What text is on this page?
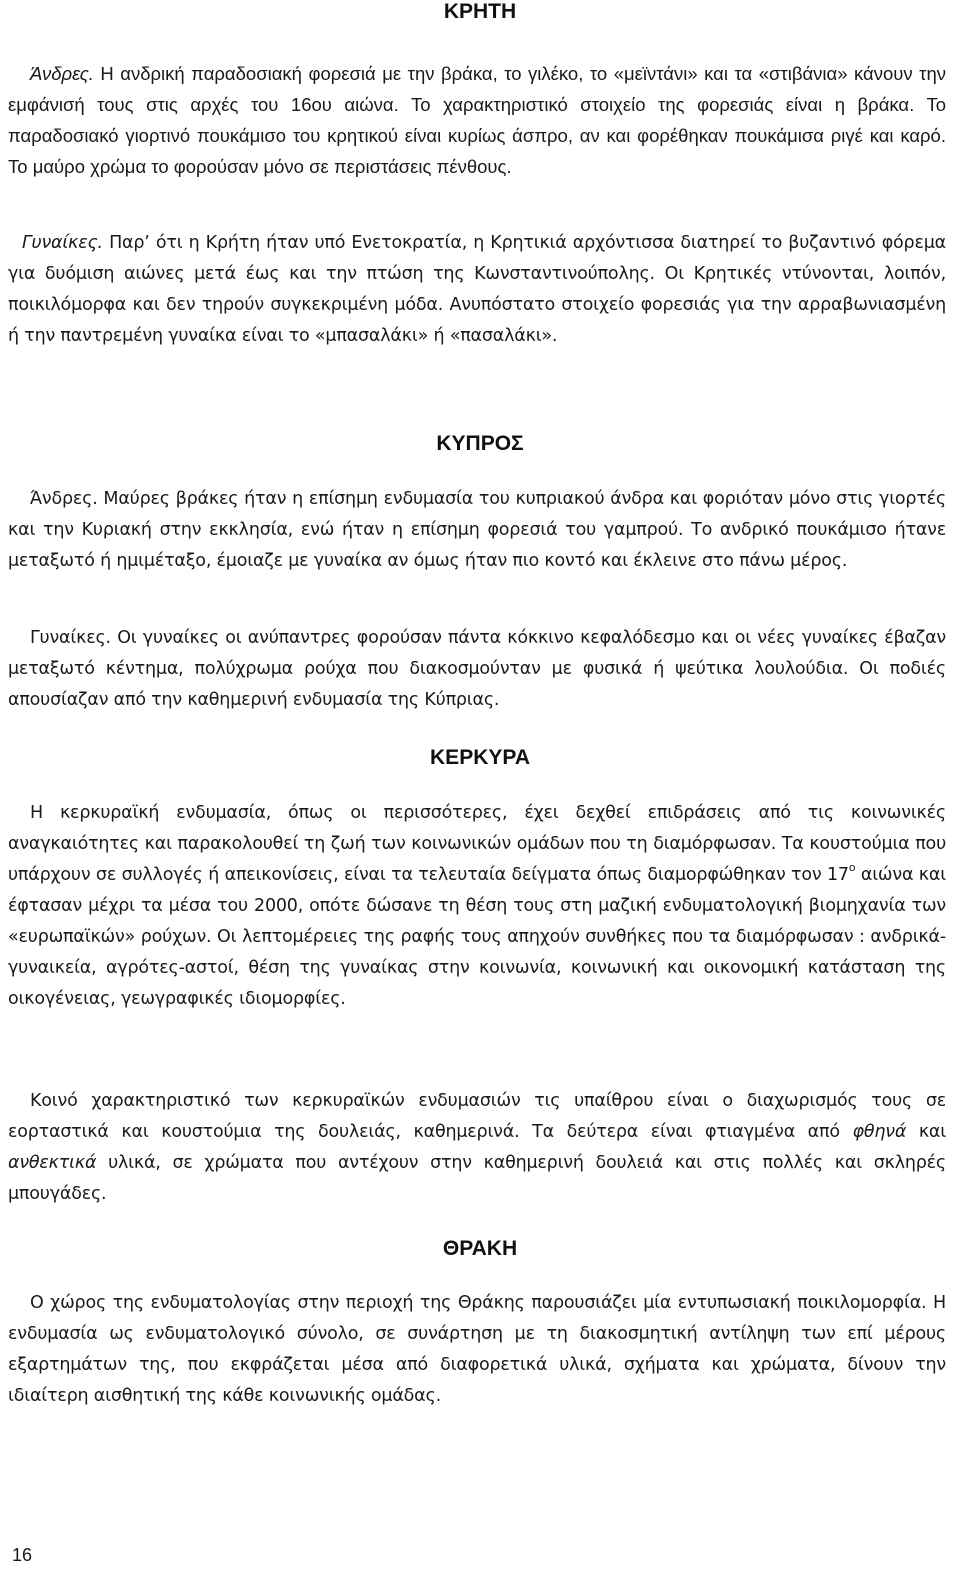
ΚΡΗΤΗ

Άνδρες. Η ανδρική παραδοσιακή φορεσιά με την βράκα, το γιλέκο, το «μεϊντάνι» και τα «στιβάνια» κάνουν την εμφάνισή τους στις αρχές του 16ου αιώνα. Το χαρακτηριστικό στοιχείο της φορεσιάς είναι η βράκα. Το παραδοσιακό γιορτινό πουκάμισο του κρητικού είναι κυρίως άσπρο, αν και φορέθηκαν πουκάμισα ριγέ και καρό. Το μαύρο χρώμα το φορούσαν μόνο σε περιστάσεις πένθους.

Γυναίκες. Παρ’ ότι η Κρήτη ήταν υπό Ενετοκρατία, η Κρητικιά αρχόντισσα διατηρεί το βυζαντινό φόρεμα για δυόμιση αιώνες μετά έως και την πτώση της Κωνσταντινούπολης. Οι Κρητικές ντύνονται, λοιπόν, ποικιλόμορφα και δεν τηρούν συγκεκριμένη μόδα. Ανυπόστατο στοιχείο φορεσιάς για την αρραβωνιασμένη ή την παντρεμένη γυναίκα είναι το «μπασαλάκι» ή «πασαλάκι».

ΚΥΠΡΟΣ

Άνδρες. Μαύρες βράκες ήταν η επίσημη ενδυμασία του κυπριακού άνδρα και φοριόταν μόνο στις γιορτές και την Κυριακή στην εκκλησία, ενώ ήταν η επίσημη φορεσιά του γαμπρού. Το ανδρικό πουκάμισο ήτανε μεταξωτό ή ημιμέταξο, έμοιαζε με γυναίκα αν όμως ήταν πιο κοντό και έκλεινε στο πάνω μέρος.

Γυναίκες. Οι γυναίκες οι ανύπαντρες φορούσαν πάντα κόκκινο κεφαλόδεσμο και οι νέες γυναίκες έβαζαν μεταξωτό κέντημα, πολύχρωμα ρούχα που διακοσμούνταν με φυσικά ή ψεύτικα λουλούδια. Οι ποδιές απουσίαζαν από την καθημερινή ενδυμασία της Κύπριας.

ΚΕΡΚΥΡΑ

Η κερκυραϊκή ενδυμασία, όπως οι περισσότερες, έχει δεχθεί επιδράσεις από τις κοινωνικές αναγκαιότητες και παρακολουθεί τη ζωή των κοινωνικών ομάδων που τη διαμόρφωσαν. Τα κουστούμια που υπάρχουν σε συλλογές ή απεικονίσεις, είναι τα τελευταία δείγματα όπως διαμορφώθηκαν τον $17^o$ αιώνα και έφτασαν μέχρι τα μέσα του 2000, οπότε δώσανε τη θέση τους στη μαζική ενδυματολογική βιομηχανία των «ευρωπαϊκών» ρούχων. Οι λεπτομέρειες της ραφής τους απηχούν συνθήκες που τα διαμόρφωσαν : ανδρικά-γυναικεία, αγρότες-αστοί, θέση της γυναίκας στην κοινωνία, κοινωνική και οικονομική κατάσταση της οικογένειας, γεωγραφικές ιδιομορφίες.

Κοινό χαρακτηριστικό των κερκυραϊκών ενδυμασιών τις υπαίθρου είναι ο διαχωρισμός τους σε εορταστικά και κουστούμια της δουλειάς, καθημερινά. Τα δεύτερα είναι φτιαγμένα από φθηνά και ανθεκτικά υλικά, σε χρώματα που αντέχουν στην καθημερινή δουλειά και στις πολλές και σκληρές μπουγάδες.

ΘΡΑΚΗ

Ο χώρος της ενδυματολογίας στην περιοχή της Θράκης παρουσιάζει μία εντυπωσιακή ποικιλομορφία. Η ενδυμασία ως ενδυματολογικό σύνολο, σε συνάρτηση με τη διακοσμητική αντίληψη των επί μέρους εξαρτημάτων της, που εκφράζεται μέσα από διαφορετικά υλικά, σχήματα και χρώματα, δίνουν την ιδιαίτερη αισθητική της κάθε κοινωνικής ομάδας.

16
